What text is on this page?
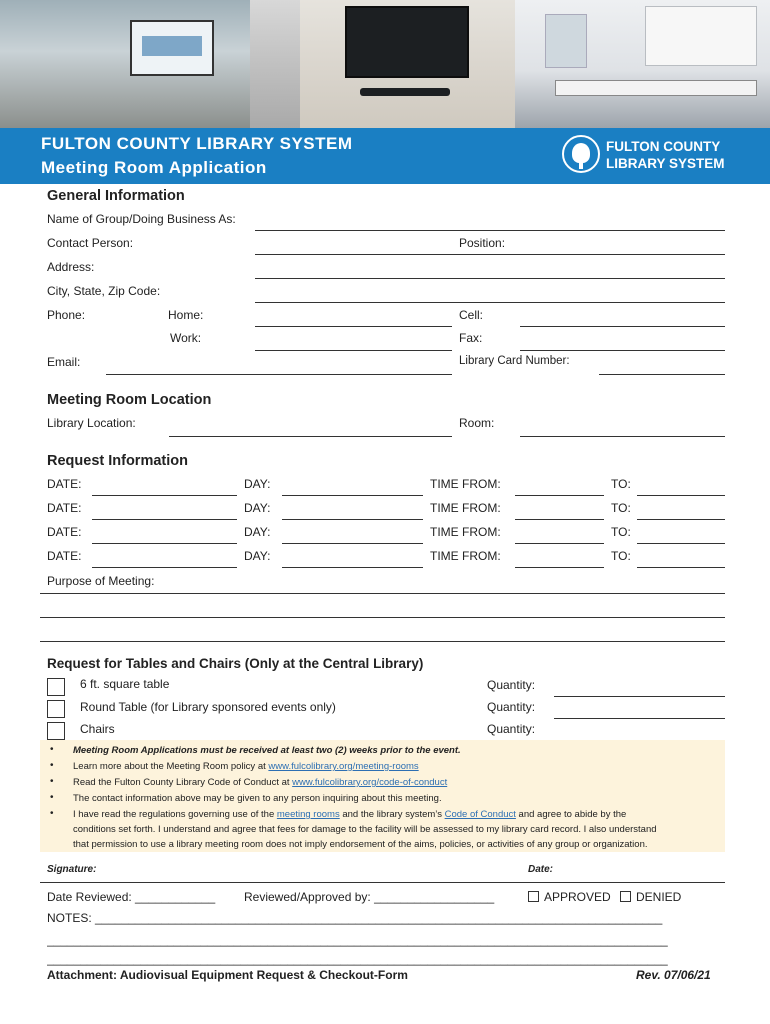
FULTON COUNTY LIBRARY SYSTEM
Meeting Room Application
FULTON COUNTY
LIBRARY SYSTEM
General Information
Name of Group/Doing Business As:
Contact Person:	Position:
Address:
City, State, Zip Code:
Phone:	Home:	Cell:
Work:	Fax:
Email:	Library Card Number:
Meeting Room Location
Library Location:	Room:
Request Information
DATE:	DAY:	TIME FROM:	TO:
DATE:	DAY:	TIME FROM:	TO:
DATE:	DAY:	TIME FROM:	TO:
DATE:	DAY:	TIME FROM:	TO:
Purpose of Meeting:
Request for Tables and Chairs (Only at the Central Library)
6 ft. square table	Quantity:
Round Table (for Library sponsored events only)	Quantity:
Chairs	Quantity:
• Meeting Room Applications must be received at least two (2) weeks prior to the event.
• Learn more about the Meeting Room policy at www.fulcolibrary.org/meeting-rooms
• Read the Fulton County Library Code of Conduct at www.fulcolibrary.org/code-of-conduct
• The contact information above may be given to any person inquiring about this meeting.
• I have read the regulations governing use of the meeting rooms and the library system’s Code of Conduct and agree to abide by the
conditions set forth. I understand and agree that fees for damage to the facility will be assessed to my library card record. I also understand
that permission to use a library meeting room does not imply endorsement of the aims, policies, or activities of any group or organization.
Signature:	Date:
Date Reviewed: ____________ Reviewed/Approved by: __________________	APPROVED DENIED
NOTES: _____________________________________________________________________________________
_____________________________________________________________________________________________
_____________________________________________________________________________________________
Attachment: Audiovisual Equipment Request & Checkout-Form	Rev. 07/06/21
